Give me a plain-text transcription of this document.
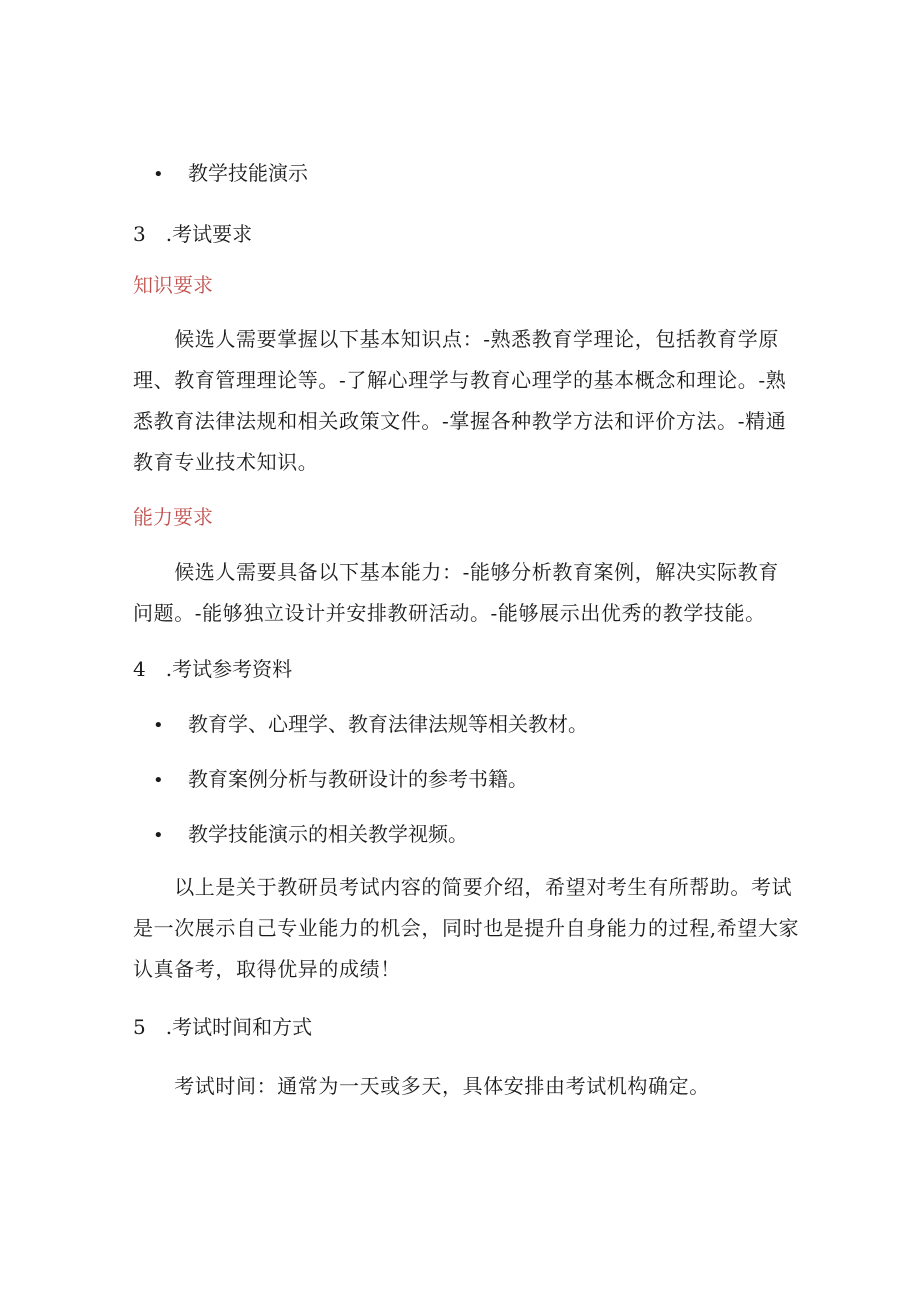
• 教学技能演示
3　.考试要求
知识要求
　　候选人需要掌握以下基本知识点：-熟悉教育学理论，包括教育学原
理、教育管理理论等。-了解心理学与教育心理学的基本概念和理论。-熟
悉教育法律法规和相关政策文件。-掌握各种教学方法和评价方法。-精通
教育专业技术知识。
能力要求
　　候选人需要具备以下基本能力：-能够分析教育案例，解决实际教育
问题。-能够独立设计并安排教研活动。-能够展示出优秀的教学技能。
4　.考试参考资料
• 教育学、心理学、教育法律法规等相关教材。
• 教育案例分析与教研设计的参考书籍。
• 教学技能演示的相关教学视频。
　　以上是关于教研员考试内容的简要介绍，希望对考生有所帮助。考试
是一次展示自己专业能力的机会，同时也是提升自身能力的过程,希望大家
认真备考，取得优异的成绩！
5　.考试时间和方式
　　考试时间：通常为一天或多天，具体安排由考试机构确定。
